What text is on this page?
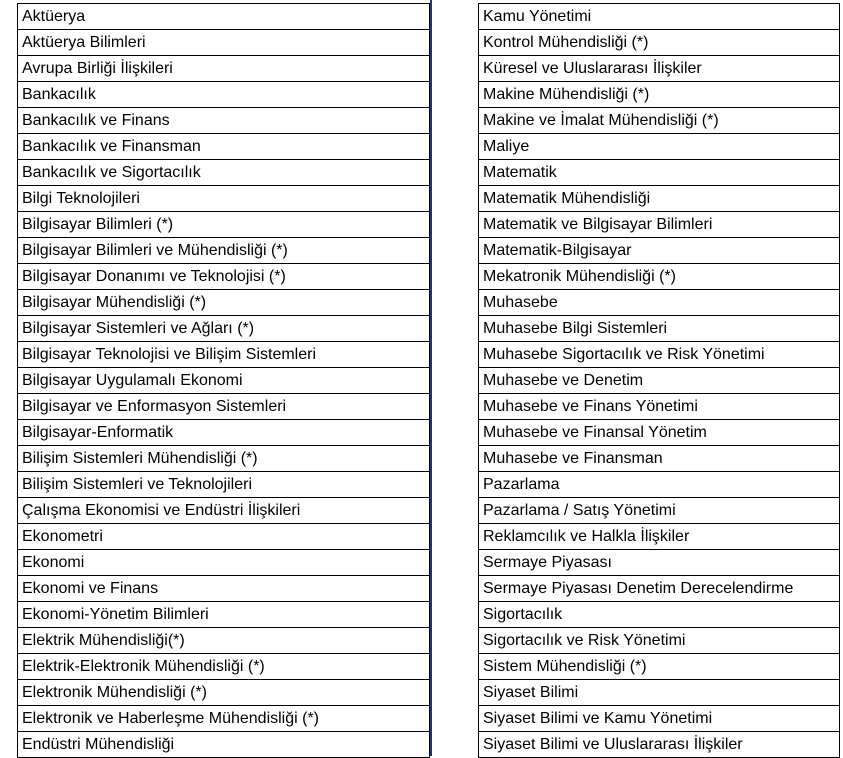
Aktüerya
Aktüerya Bilimleri
Avrupa Birliği İlişkileri
Bankacılık
Bankacılık ve Finans
Bankacılık ve Finansman
Bankacılık ve Sigortacılık
Bilgi Teknolojileri
Bilgisayar Bilimleri (*)
Bilgisayar Bilimleri ve Mühendisliği (*)
Bilgisayar Donanımı ve Teknolojisi (*)
Bilgisayar Mühendisliği (*)
Bilgisayar Sistemleri ve Ağları (*)
Bilgisayar Teknolojisi ve Bilişim Sistemleri
Bilgisayar Uygulamalı Ekonomi
Bilgisayar ve Enformasyon Sistemleri
Bilgisayar-Enformatik
Bilişim Sistemleri Mühendisliği (*)
Bilişim Sistemleri ve Teknolojileri
Çalışma Ekonomisi ve Endüstri İlişkileri
Ekonometri
Ekonomi
Ekonomi ve Finans
Ekonomi-Yönetim Bilimleri
Elektrik Mühendisliği(*)
Elektrik-Elektronik Mühendisliği (*)
Elektronik Mühendisliği (*)
Elektronik ve Haberleşme Mühendisliği (*)
Endüstri Mühendisliği
Kamu Yönetimi
Kontrol Mühendisliği (*)
Küresel ve Uluslararası İlişkiler
Makine Mühendisliği (*)
Makine ve İmalat Mühendisliği (*)
Maliye
Matematik
Matematik Mühendisliği
Matematik ve Bilgisayar Bilimleri
Matematik-Bilgisayar
Mekatronik Mühendisliği (*)
Muhasebe
Muhasebe Bilgi Sistemleri
Muhasebe Sigortacılık ve Risk Yönetimi
Muhasebe ve Denetim
Muhasebe ve Finans Yönetimi
Muhasebe ve Finansal Yönetim
Muhasebe ve Finansman
Pazarlama
Pazarlama / Satış Yönetimi
Reklamcılık ve Halkla İlişkiler
Sermaye Piyasası
Sermaye Piyasası Denetim Derecelendirme
Sigortacılık
Sigortacılık ve Risk Yönetimi
Sistem Mühendisliği (*)
Siyaset Bilimi
Siyaset Bilimi ve Kamu Yönetimi
Siyaset Bilimi ve Uluslararası İlişkiler
